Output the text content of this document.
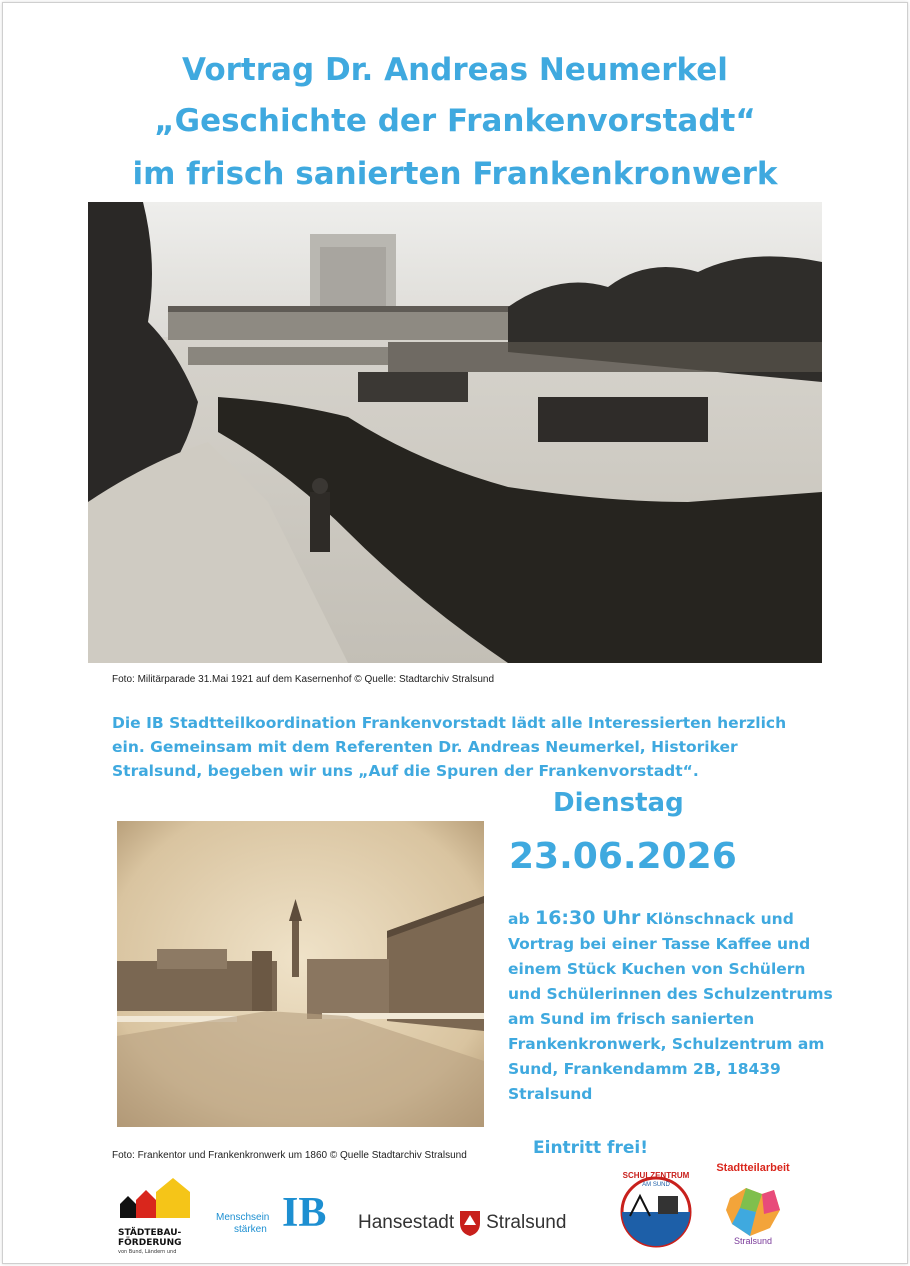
Vortrag Dr. Andreas Neumerkel
„Geschichte der Frankenvorstadt“
im frisch sanierten Frankenkronwerk
Foto: Militärparade 31.Mai 1921 auf dem Kasernenhof © Quelle: Stadtarchiv Stralsund
Die IB Stadtteilkoordination Frankenvorstadt lädt alle Interessierten herzlich ein. Gemeinsam mit dem Referenten Dr. Andreas Neumerkel, Historiker Stralsund, begeben wir uns „Auf die Spuren der Frankenvorstadt“.
Dienstag
23.06.2026
ab 16:30 Uhr Klönschnack und Vortrag bei einer Tasse Kaffee und einem Stück Kuchen von Schülern und Schülerinnen des Schulzentrums am Sund im frisch sanierten Frankenkronwerk, Schulzentrum am Sund, Frankendamm 2B, 18439 Stralsund
Foto: Frankentor und Frankenkronwerk um 1860 © Quelle Stadtarchiv Stralsund	Eintritt frei!
STÄDTEBAU-
FÖRDERUNG
von Bund, Ländern und
Menschsein
stärken IB Hansestadt Stralsund
SCHULZENTRUM
AM SUND
Stadtteilarbeit
Stralsund
